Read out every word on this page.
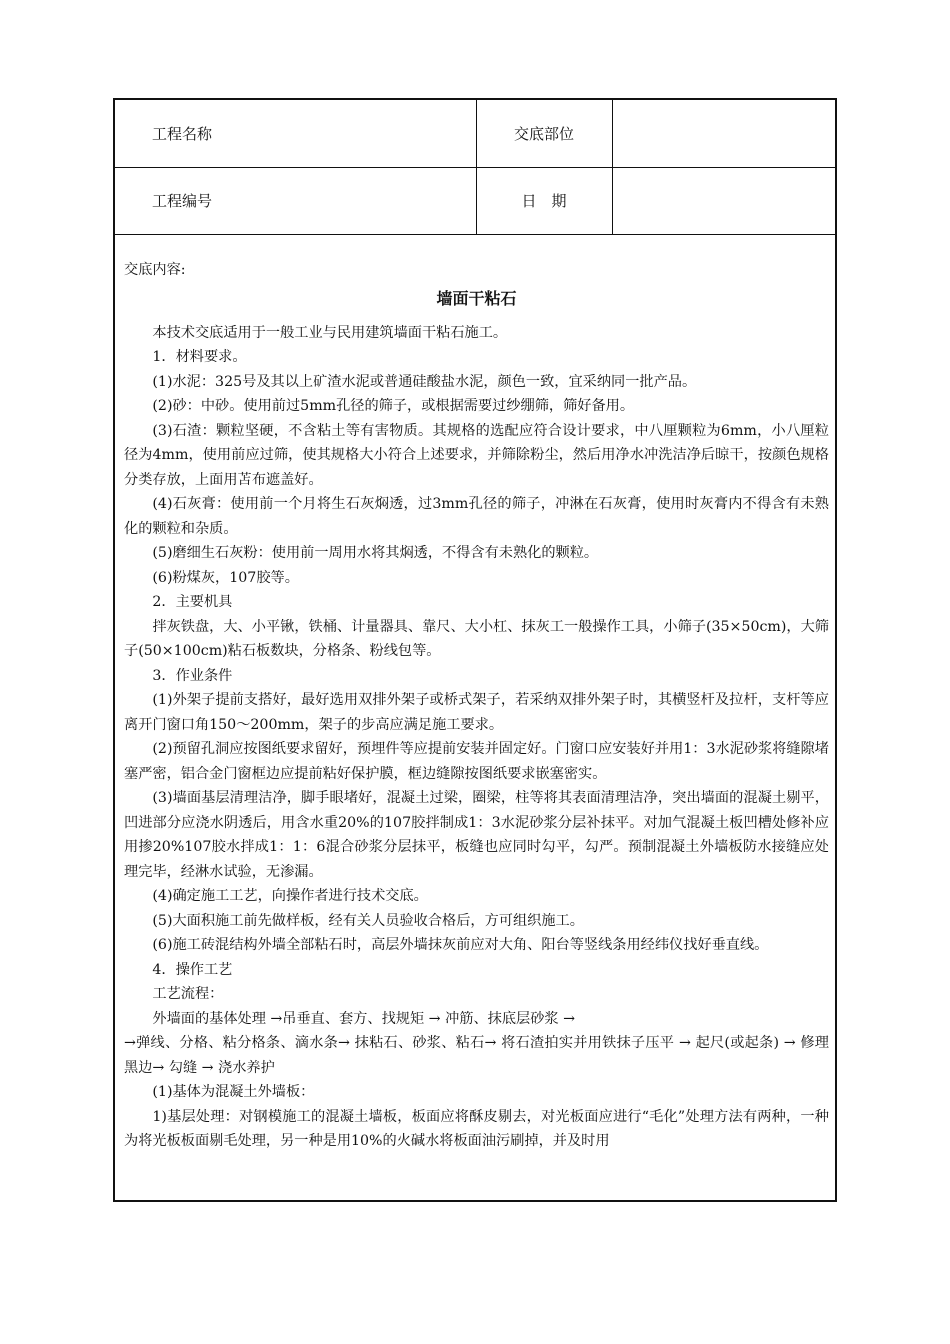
工程名称	交底部位
工程编号	日　期

交底内容:

墙面干粘石

本技术交底适用于一般工业与民用建筑墙面干粘石施工。

1．材料要求。

(1)水泥：325号及其以上矿渣水泥或普通硅酸盐水泥，颜色一致，宜采纳同一批产品。

(2)砂：中砂。使用前过5mm孔径的筛子，或根据需要过纱绷筛，筛好备用。

(3)石渣：颗粒坚硬，不含粘土等有害物质。其规格的选配应符合设计要求，中八厘颗粒为6mm，小八厘粒径为4mm，使用前应过筛，使其规格大小符合上述要求，并筛除粉尘，然后用净水冲洗洁净后晾干，按颜色规格分类存放，上面用苫布遮盖好。

(4)石灰膏：使用前一个月将生石灰焖透，过3mm孔径的筛子，冲淋在石灰膏，使用时灰膏内不得含有未熟化的颗粒和杂质。

(5)磨细生石灰粉：使用前一周用水将其焖透，不得含有未熟化的颗粒。

(6)粉煤灰，107胶等。

2．主要机具

拌灰铁盘，大、小平锹，铁桶、计量器具、靠尺、大小杠、抹灰工一般操作工具，小筛子(35×50cm)，大筛子(50×100cm)粘石板数块，分格条、粉线包等。

3．作业条件

(1)外架子提前支搭好，最好选用双排外架子或桥式架子，若采纳双排外架子时，其横竖杆及拉杆，支杆等应离开门窗口角150～200mm，架子的步高应满足施工要求。

(2)预留孔洞应按图纸要求留好，预埋件等应提前安装并固定好。门窗口应安装好并用1：3水泥砂浆将缝隙堵塞严密，铝合金门窗框边应提前粘好保护膜，框边缝隙按图纸要求嵌塞密实。

(3)墙面基层清理洁净，脚手眼堵好，混凝土过梁，圈梁，柱等将其表面清理洁净，突出墙面的混凝土剔平，凹进部分应浇水阴透后，用含水重20%的107胶拌制成1：3水泥砂浆分层补抹平。对加气混凝土板凹槽处修补应用掺20%107胶水拌成1：1：6混合砂浆分层抹平，板缝也应同时勾平，勾严。预制混凝土外墙板防水接缝应处理完毕，经淋水试验，无渗漏。

(4)确定施工工艺，向操作者进行技术交底。

(5)大面积施工前先做样板，经有关人员验收合格后，方可组织施工。

(6)施工砖混结构外墙全部粘石时，高层外墙抹灰前应对大角、阳台等竖线条用经纬仪找好垂直线。

4．操作工艺

工艺流程：

外墙面的基体处理 →吊垂直、套方、找规矩 → 冲筋、抹底层砂浆 →

→弹线、分格、粘分格条、滴水条→ 抹粘石、砂浆、粘石→ 将石渣拍实并用铁抹子压平 → 起尺(或起条) → 修理黑边→ 勾缝 → 浇水养护

(1)基体为混凝土外墙板：

1)基层处理：对钢模施工的混凝土墙板，板面应将酥皮剔去，对光板面应进行“毛化”处理方法有两种，一种为将光板板面剔毛处理，另一种是用10%的火碱水将板面油污刷掉，并及时用
